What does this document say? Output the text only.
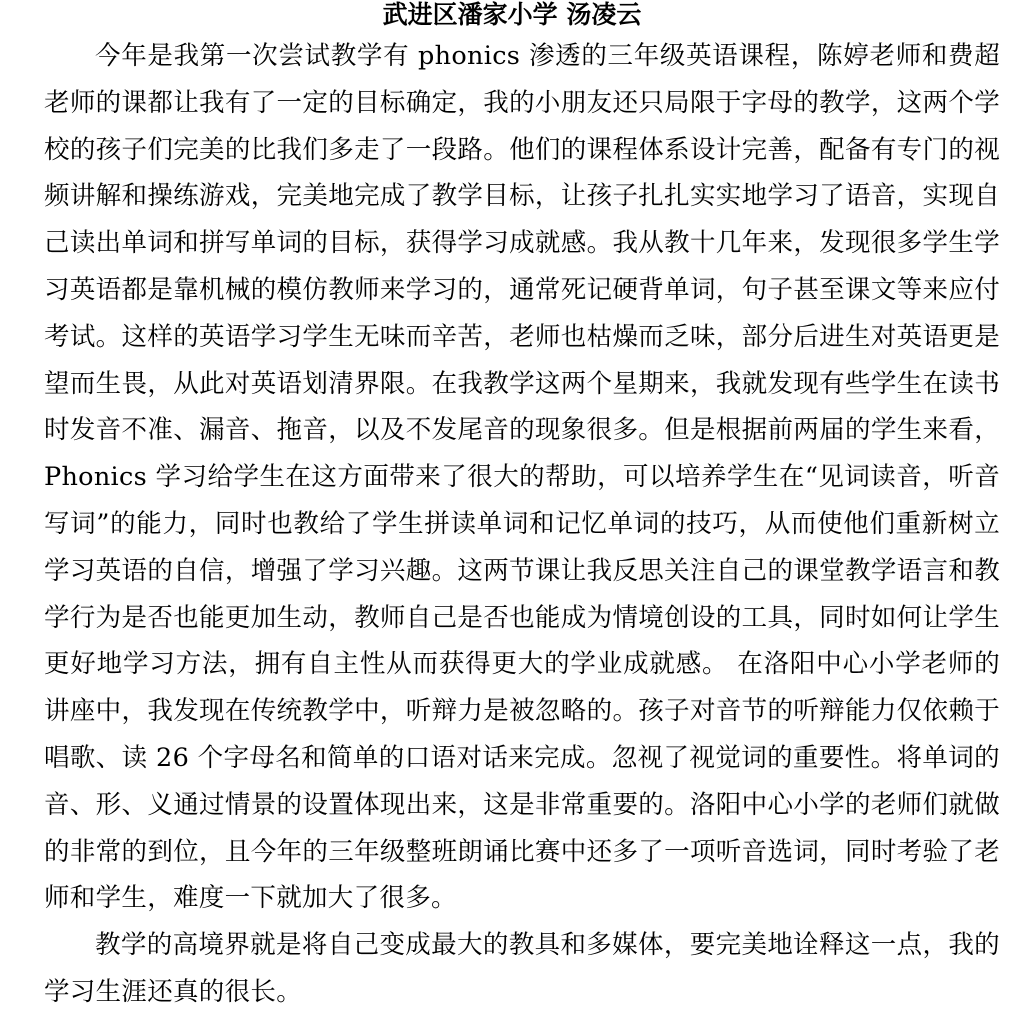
武进区潘家小学 汤凌云

今年是我第一次尝试教学有 phonics 渗透的三年级英语课程，陈婷老师和费超老师的课都让我有了一定的目标确定，我的小朋友还只局限于字母的教学，这两个学校的孩子们完美的比我们多走了一段路。他们的课程体系设计完善，配备有专门的视频讲解和操练游戏，完美地完成了教学目标，让孩子扎扎实实地学习了语音，实现自己读出单词和拼写单词的目标，获得学习成就感。我从教十几年来，发现很多学生学习英语都是靠机械的模仿教师来学习的，通常死记硬背单词，句子甚至课文等来应付考试。这样的英语学习学生无味而辛苦，老师也枯燥而乏味，部分后进生对英语更是望而生畏，从此对英语划清界限。在我教学这两个星期来，我就发现有些学生在读书时发音不准、漏音、拖音，以及不发尾音的现象很多。但是根据前两届的学生来看，Phonics 学习给学生在这方面带来了很大的帮助，可以培养学生在“见词读音，听音写词”的能力，同时也教给了学生拼读单词和记忆单词的技巧，从而使他们重新树立学习英语的自信，增强了学习兴趣。这两节课让我反思关注自己的课堂教学语言和教学行为是否也能更加生动，教师自己是否也能成为情境创设的工具，同时如何让学生更好地学习方法，拥有自主性从而获得更大的学业成就感。 在洛阳中心小学老师的讲座中，我发现在传统教学中，听辩力是被忽略的。孩子对音节的听辩能力仅依赖于唱歌、读 26 个字母名和简单的口语对话来完成。忽视了视觉词的重要性。将单词的音、形、义通过情景的设置体现出来，这是非常重要的。洛阳中心小学的老师们就做的非常的到位，且今年的三年级整班朗诵比赛中还多了一项听音选词，同时考验了老师和学生，难度一下就加大了很多。

教学的高境界就是将自己变成最大的教具和多媒体，要完美地诠释这一点，我的学习生涯还真的很长。
